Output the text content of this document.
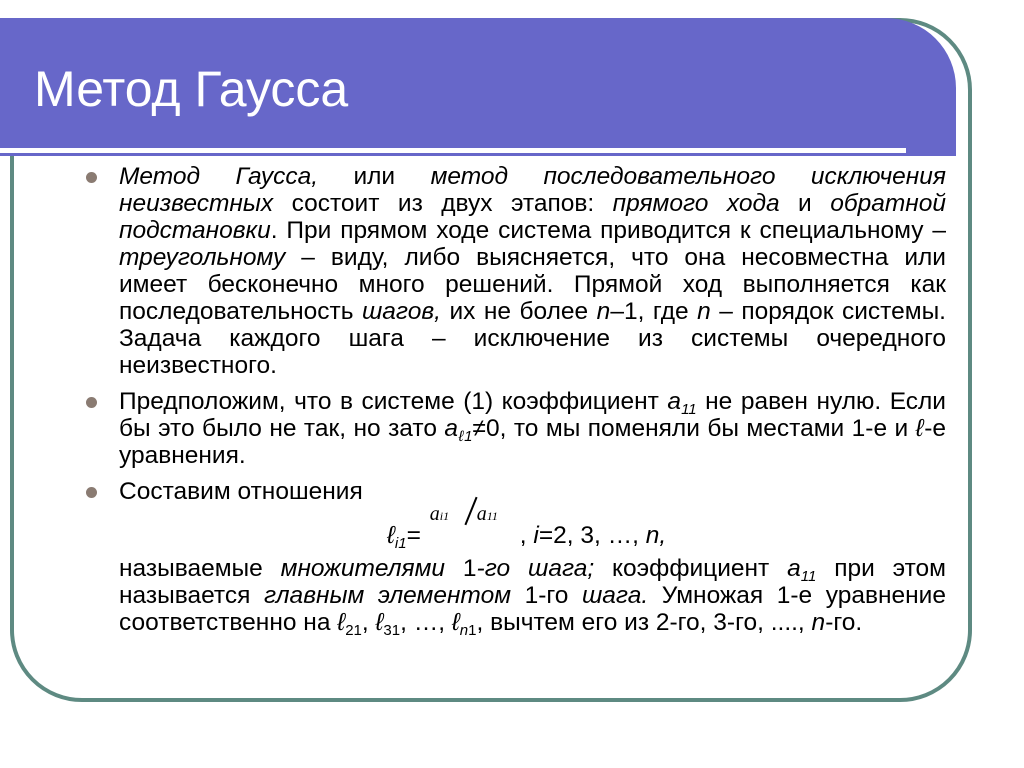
Метод Гаусса

Метод Гаусса, или метод последовательного исключения неизвестных состоит из двух этапов: прямого хода и обратной подстановки. При прямом ходе система приводится к специальному – треугольному – виду, либо выясняется, что она несовместна или имеет бесконечно много решений. Прямой ход выполняется как последовательность шагов, их не более n–1, где n – порядок системы. Задача каждого шага – исключение из системы очередного неизвестного.

Предположим, что в системе (1) коэффициент $a_{11}$ не равен нулю. Если бы это было не так, но зато $a_{\ell 1}\ne 0$, то мы поменяли бы местами 1-е и ℓ-е уравнения.

Составим отношения

ℓ$_{i1}$=
ai1 a11
, i=2, 3, …, n,

называемые множителями 1-го шага; коэффициент $a_{11}$ при этом называется главным элементом 1-го шага. Умножая 1-е уравнение соответственно на ℓ$_{21}$, ℓ$_{31}$, …, ℓ$_{n1}$, вычтем его из 2-го, 3-го, ...., n-го.
